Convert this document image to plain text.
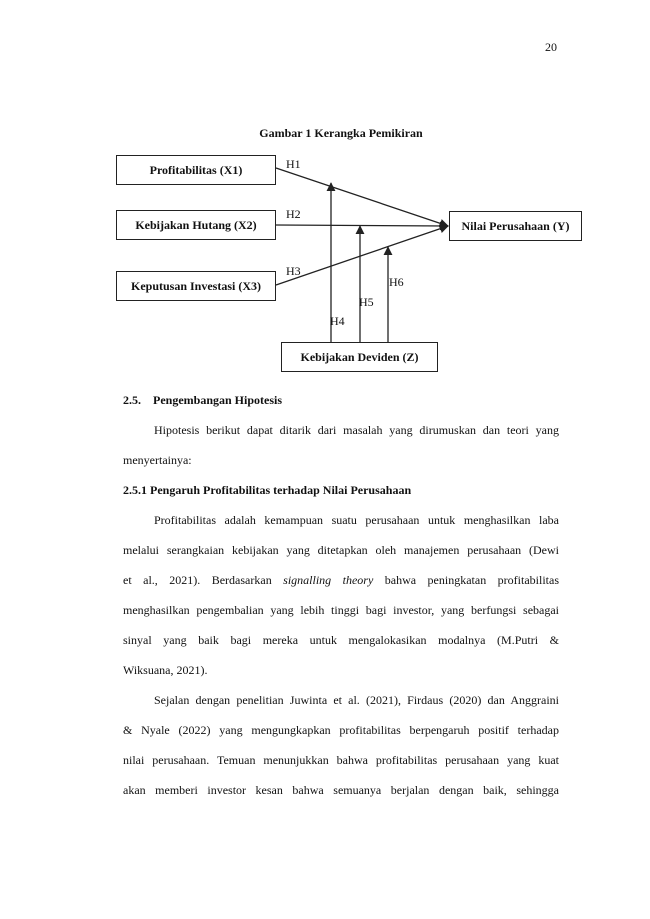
20
Gambar 1 Kerangka Pemikiran
Profitabilitas (X1)
Kebijakan Hutang (X2)
Keputusan Investasi (X3)
Nilai Perusahaan (Y)
Kebijakan Deviden (Z)
H1
H2
H3
H4
H5
H6
2.5. Pengembangan Hipotesis
Hipotesis berikut dapat ditarik dari masalah yang dirumuskan dan teori yang
menyertainya:
2.5.1 Pengaruh Profitabilitas terhadap Nilai Perusahaan
Profitabilitas adalah kemampuan suatu perusahaan untuk menghasilkan laba
melalui serangkaian kebijakan yang ditetapkan oleh manajemen perusahaan (Dewi
et al., 2021). Berdasarkan signalling theory bahwa peningkatan profitabilitas
menghasilkan pengembalian yang lebih tinggi bagi investor, yang berfungsi sebagai
sinyal yang baik bagi mereka untuk mengalokasikan modalnya (M.Putri &
Wiksuana, 2021).
Sejalan dengan penelitian Juwinta et al. (2021), Firdaus (2020) dan Anggraini
& Nyale (2022) yang mengungkapkan profitabilitas berpengaruh positif terhadap
nilai perusahaan. Temuan menunjukkan bahwa profitabilitas perusahaan yang kuat
akan memberi investor kesan bahwa semuanya berjalan dengan baik, sehingga
